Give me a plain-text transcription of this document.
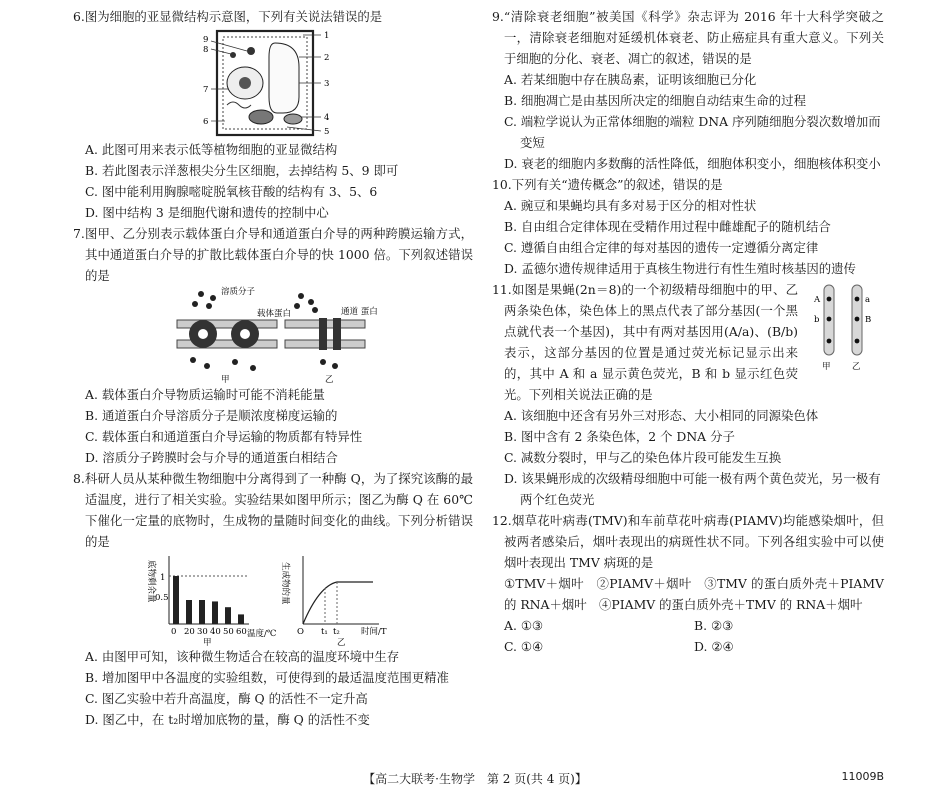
6.图为细胞的亚显微结构示意图，下列有关说法错误的是
1
2
3
4
5
6
7
8
9
A. 此图可用来表示低等植物细胞的亚显微结构
B. 若此图表示洋葱根尖分生区细胞，去掉结构 5、9 即可
C. 图中能利用胸腺嘧啶脱氧核苷酸的结构有 3、5、6
D. 图中结构 3 是细胞代谢和遗传的控制中心
7.图甲、乙分别表示载体蛋白介导和通道蛋白介导的两种跨膜运输方式，其中通道蛋白介导的扩散比载体蛋白介导的快 1000 倍。下列叙述错误的是
溶质分子
载体蛋白	通道 蛋白
甲	乙
A. 载体蛋白介导物质运输时可能不消耗能量
B. 通道蛋白介导溶质分子是顺浓度梯度运输的
C. 载体蛋白和通道蛋白介导运输的物质都有特异性
D. 溶质分子跨膜时会与介导的通道蛋白相结合
8.科研人员从某种微生物细胞中分离得到了一种酶 Q，为了探究该酶的最适温度，进行了相关实验。实验结果如图甲所示；图乙为酶 Q 在 60℃下催化一定量的底物时，生成物的量随时间变化的曲线。下列分析错误的是
0 20 30 40 50 60
底物剩余量 1
0.5
温度/℃
甲
生成物的量
O t₁ t₂ 时间/T
乙
A. 由图甲可知，该种微生物适合在较高的温度环境中生存
B. 增加图甲中各温度的实验组数，可使得到的最适温度范围更精准
C. 图乙实验中若升高温度，酶 Q 的活性不一定升高
D. 图乙中，在 t₂时增加底物的量，酶 Q 的活性不变
9.“清除衰老细胞”被美国《科学》杂志评为 2016 年十大科学突破之一，清除衰老细胞对延缓机体衰老、防止癌症具有重大意义。下列关于细胞的分化、衰老、凋亡的叙述，错误的是
A. 若某细胞中存在胰岛素，证明该细胞已分化
B. 细胞凋亡是由基因所决定的细胞自动结束生命的过程
C. 端粒学说认为正常体细胞的端粒 DNA 序列随细胞分裂次数增加而变短
D. 衰老的细胞内多数酶的活性降低，细胞体积变小，细胞核体积变小
10.下列有关“遗传概念”的叙述，错误的是
A. 豌豆和果蝇均具有多对易于区分的相对性状
B. 自由组合定律体现在受精作用过程中雌雄配子的随机结合
C. 遵循自由组合定律的每对基因的遗传一定遵循分离定律
D. 孟德尔遗传规律适用于真核生物进行有性生殖时核基因的遗传
11.如图是果蝇(2n＝8)的一个初级精母细胞中的甲、乙两条染色体，染色体上的黑点代表了部分基因(一个黑点就代表一个基因)，其中有两对基因用(A/a)、(B/b)表示，这部分基因的位置是通过荧光标记显示出来的，其中 A 和 a 显示黄色荧光，B 和 b 显示红色荧光。下列相关说法正确的是
A	a
b	B
甲	乙
A. 该细胞中还含有另外三对形态、大小相同的同源染色体
B. 图中含有 2 条染色体，2 个 DNA 分子
C. 减数分裂时，甲与乙的染色体片段可能发生互换
D. 该果蝇形成的次级精母细胞中可能一极有两个黄色荧光，另一极有两个红色荧光
12.烟草花叶病毒(TMV)和车前草花叶病毒(PIAMV)均能感染烟叶，但被两者感染后，烟叶表现出的病斑性状不同。下列各组实验中可以使烟叶表现出 TMV 病斑的是
①TMV＋烟叶　②PIAMV＋烟叶　③TMV 的蛋白质外壳＋PIAMV 的 RNA＋烟叶　④PIAMV 的蛋白质外壳＋TMV 的 RNA＋烟叶
A. ①③	B. ②③
C. ①④	D. ②④
【高二大联考·生物学　第 2 页(共 4 页)】	11009B
